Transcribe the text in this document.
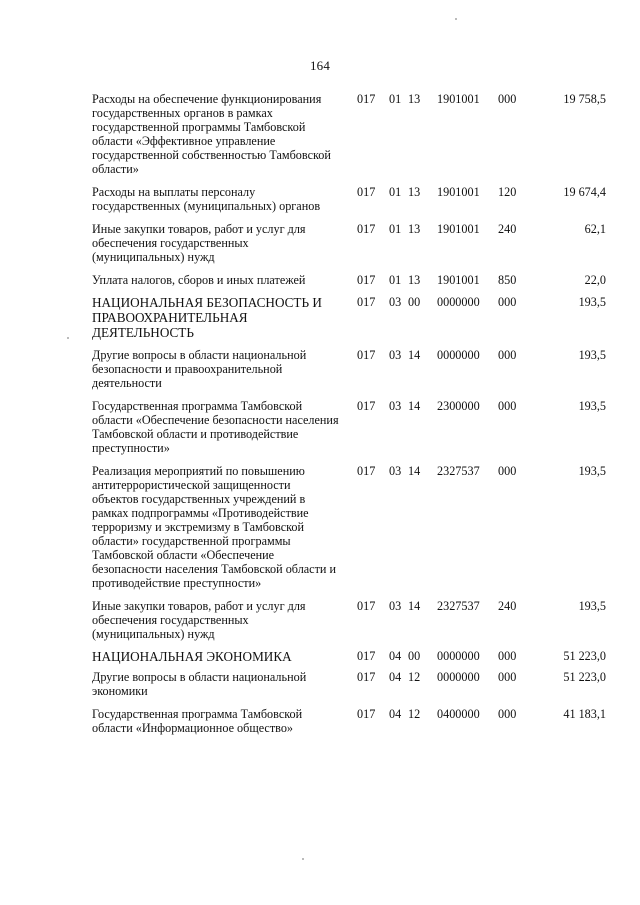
164
Расходы на обеспечение функционирования государственных органов в рамках государственной программы Тамбовской области «Эффективное управление государственной собственностью Тамбовской области»
017 01 13 1901001 000	19 758,5
Расходы на выплаты персоналу государственных (муниципальных) органов
017 01 13 1901001 120	19 674,4
Иные закупки товаров, работ и услуг для обеспечения государственных (муниципальных) нужд
017 01 13 1901001 240	62,1
Уплата налогов, сборов и иных платежей	017 01 13 1901001 850	22,0
НАЦИОНАЛЬНАЯ БЕЗОПАСНОСТЬ И ПРАВООХРАНИТЕЛЬНАЯ ДЕЯТЕЛЬНОСТЬ
017 03 00 0000000 000	193,5
Другие вопросы в области национальной безопасности и правоохранительной деятельности
017 03 14 0000000 000	193,5
Государственная программа Тамбовской области «Обеспечение безопасности населения Тамбовской области и противодействие преступности»
017 03 14 2300000 000	193,5
Реализация мероприятий по повышению антитеррористической защищенности объектов государственных учреждений в рамках подпрограммы «Противодействие терроризму и экстремизму в Тамбовской области» государственной программы Тамбовской области «Обеспечение безопасности населения Тамбовской области и противодействие преступности»
017 03 14 2327537 000	193,5
Иные закупки товаров, работ и услуг для обеспечения государственных (муниципальных) нужд
017 03 14 2327537 240	193,5
НАЦИОНАЛЬНАЯ ЭКОНОМИКА	017 04 00 0000000 000	51 223,0
Другие вопросы в области национальной экономики
017 04 12 0000000 000	51 223,0
Государственная программа Тамбовской области «Информационное общество»
017 04 12 0400000 000	41 183,1
